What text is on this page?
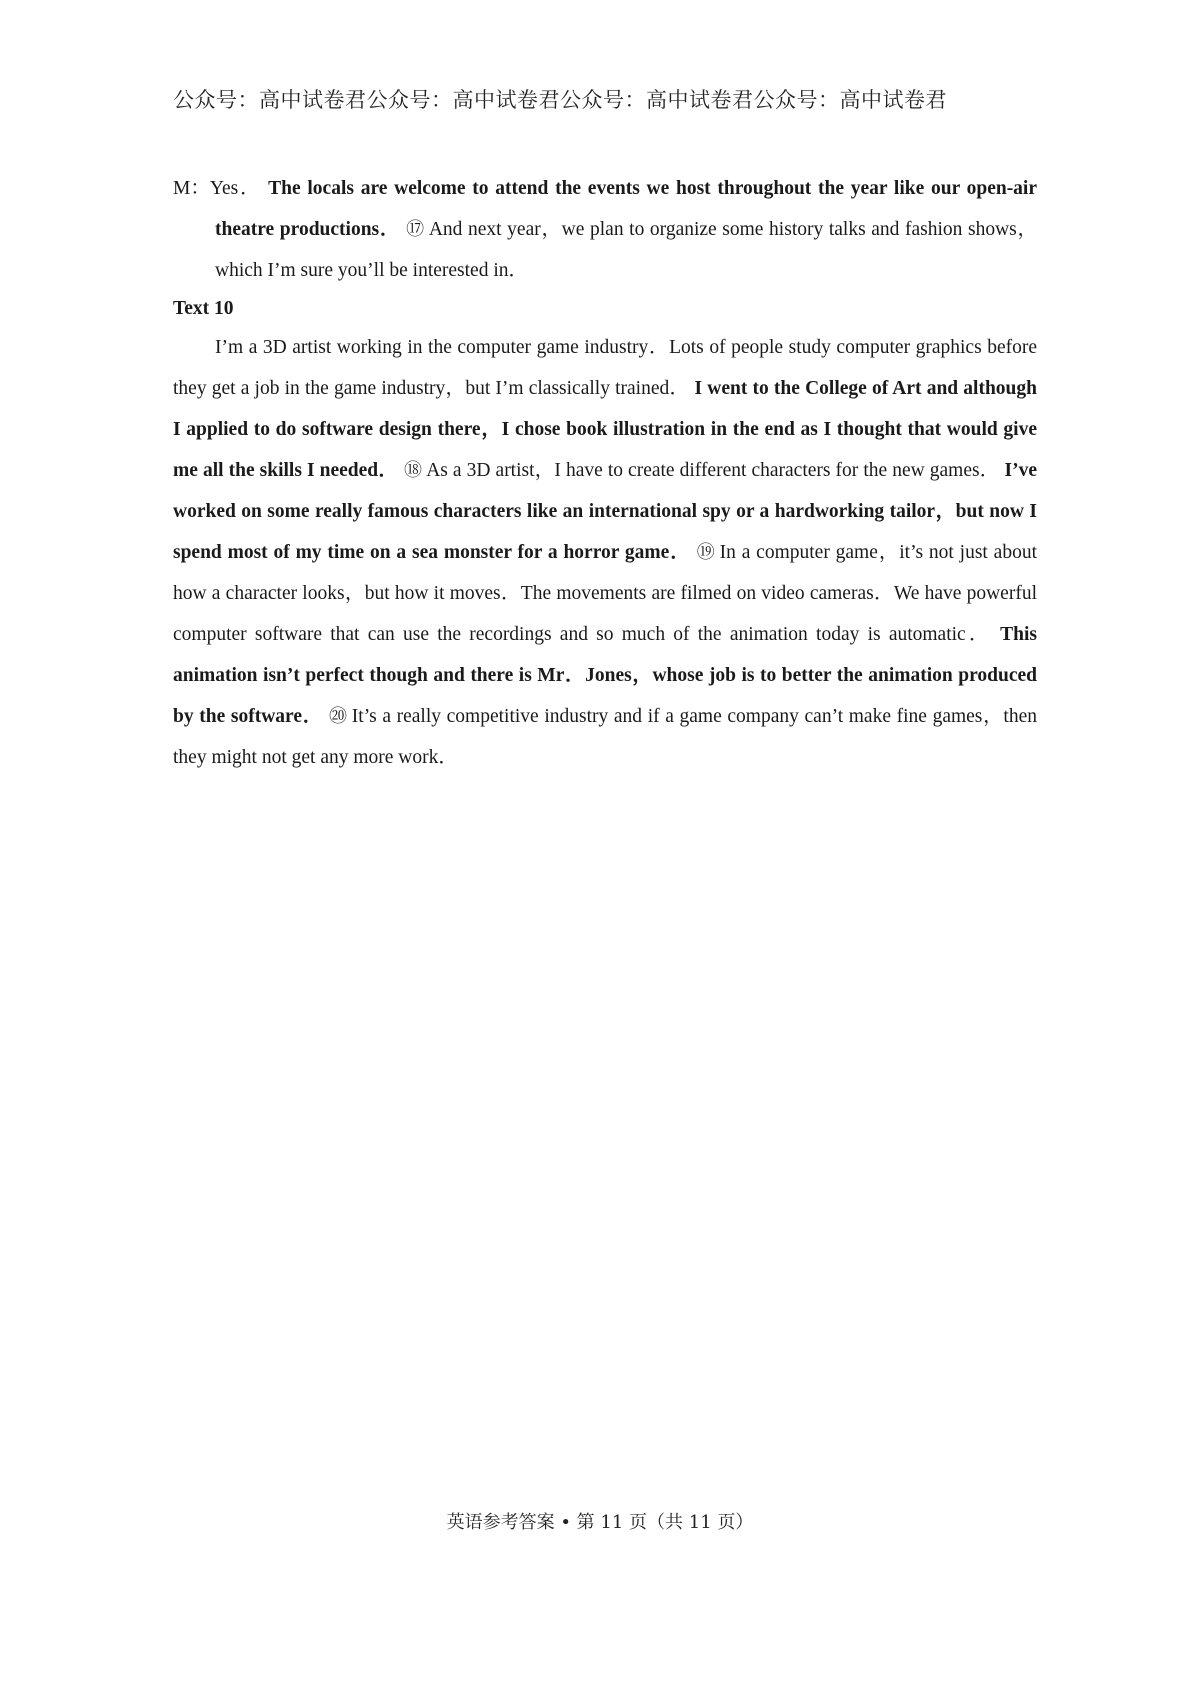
公众号：高中试卷君公众号：高中试卷君公众号：高中试卷君公众号：高中试卷君

M：Yes． The locals are welcome to attend the events we host throughout the year like our open-air theatre productions． ⑰ And next year，we plan to organize some history talks and fashion shows，which I’m sure you’ll be interested in．

Text 10

I’m a 3D artist working in the computer game industry．Lots of people study computer graphics before they get a job in the game industry，but I’m classically trained． I went to the College of Art and although I applied to do software design there，I chose book illustration in the end as I thought that would give me all the skills I needed． ⑱ As a 3D artist，I have to create different characters for the new games． I’ve worked on some really famous characters like an international spy or a hardworking tailor，but now I spend most of my time on a sea monster for a horror game． ⑲ In a computer game，it’s not just about how a character looks，but how it moves．The movements are filmed on video cameras．We have powerful computer software that can use the recordings and so much of the animation today is automatic． This animation isn’t perfect though and there is Mr．Jones，whose job is to better the animation produced by the software． ⑳ It’s a really competitive industry and if a game company can’t make fine games，then they might not get any more work．

英语参考答案 • 第 11 页（共 11 页）
